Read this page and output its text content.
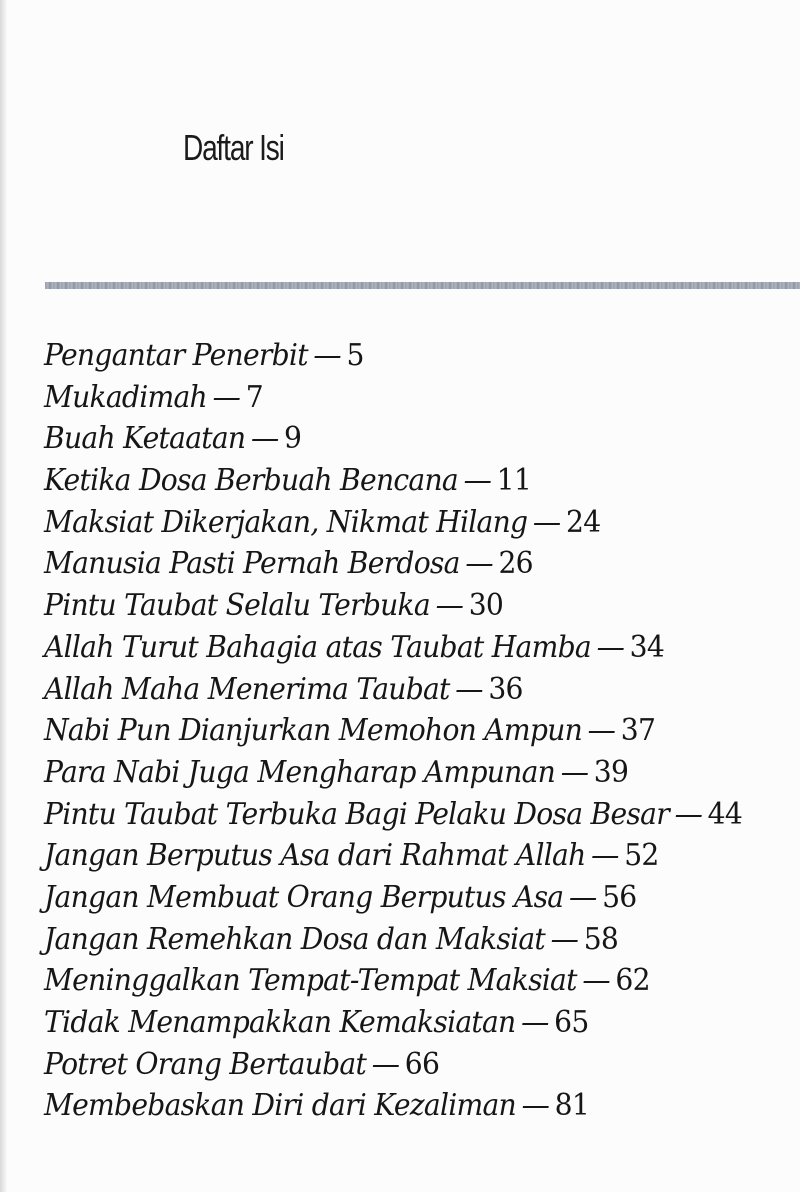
Daftar Isi
Pengantar Penerbit — 5
Mukadimah — 7
Buah Ketaatan — 9
Ketika Dosa Berbuah Bencana — 11
Maksiat Dikerjakan, Nikmat Hilang — 24
Manusia Pasti Pernah Berdosa — 26
Pintu Taubat Selalu Terbuka — 30
Allah Turut Bahagia atas Taubat Hamba — 34
Allah Maha Menerima Taubat — 36
Nabi Pun Dianjurkan Memohon Ampun — 37
Para Nabi Juga Mengharap Ampunan — 39
Pintu Taubat Terbuka Bagi Pelaku Dosa Besar — 44
Jangan Berputus Asa dari Rahmat Allah — 52
Jangan Membuat Orang Berputus Asa — 56
Jangan Remehkan Dosa dan Maksiat — 58
Meninggalkan Tempat-Tempat Maksiat — 62
Tidak Menampakkan Kemaksiatan — 65
Potret Orang Bertaubat — 66
Membebaskan Diri dari Kezaliman — 81
